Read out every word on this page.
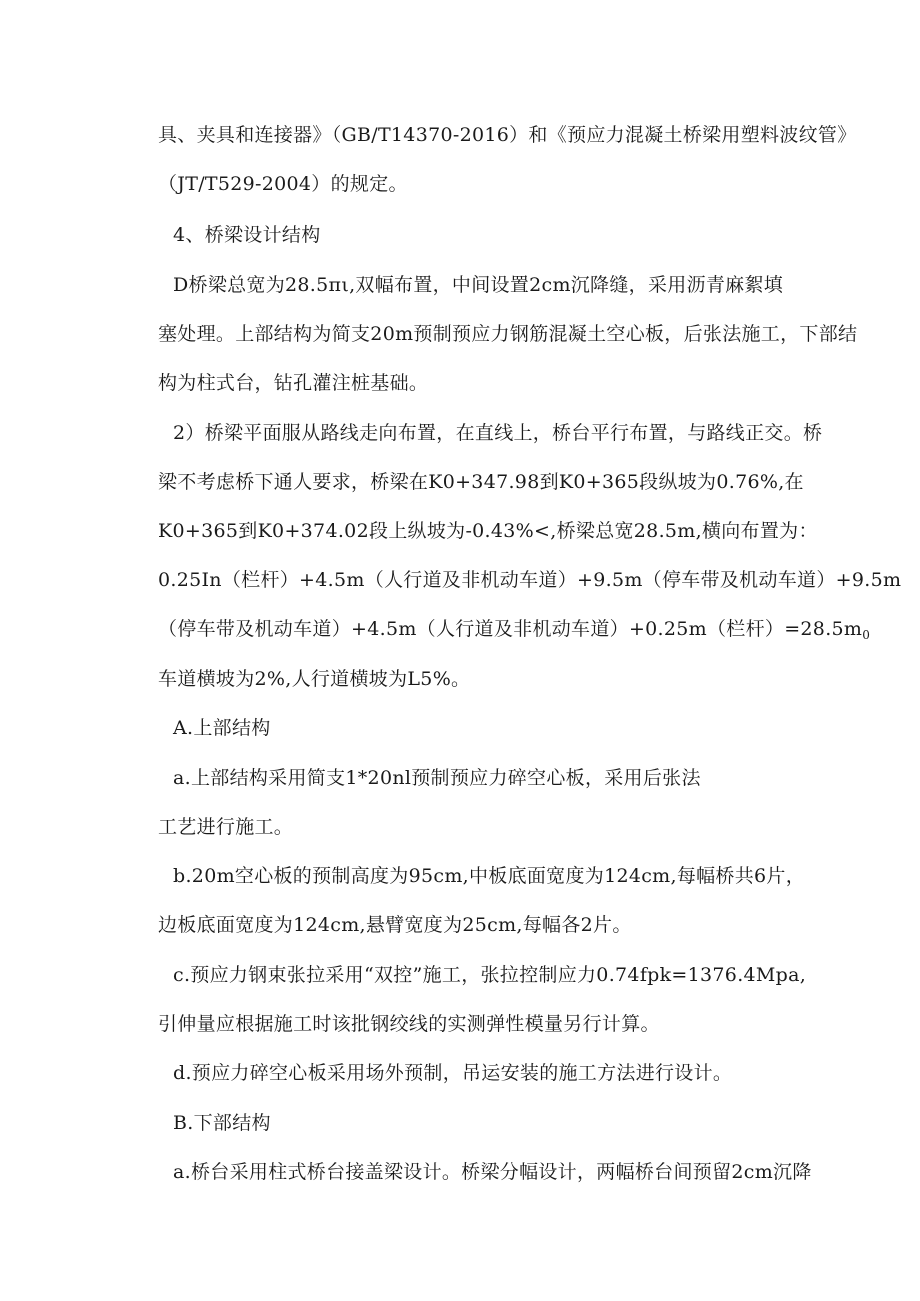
具、夹具和连接器》（GB/T14370-2016）和《预应力混凝土桥梁用塑料波纹管》
（JT/T529-2004）的规定。
4、桥梁设计结构
D桥梁总宽为28.5πι,双幅布置，中间设置2cm沉降缝，采用沥青麻絮填
塞处理。上部结构为简支20m预制预应力钢筋混凝土空心板，后张法施工，下部结
构为柱式台，钻孔灌注桩基础。
2）桥梁平面服从路线走向布置，在直线上，桥台平行布置，与路线正交。桥
梁不考虑桥下通人要求，桥梁在K0+347.98到K0+365段纵坡为0.76%,在
K0+365到K0+374.02段上纵坡为-0.43%<,桥梁总宽28.5m,横向布置为：
0.25In（栏杆）+4.5m（人行道及非机动车道）+9.5m（停车带及机动车道）+9.5m
（停车带及机动车道）+4.5m（人行道及非机动车道）+0.25m（栏杆）$=28.5m_0$
车道横坡为2%,人行道横坡为L5%。
A.上部结构
a.上部结构采用简支1*20nl预制预应力碎空心板，采用后张法
工艺进行施工。
b.20m空心板的预制高度为95cm,中板底面宽度为124cm,每幅桥共6片，
边板底面宽度为124cm,悬臂宽度为25cm,每幅各2片。
c.预应力钢束张拉采用“双控”施工，张拉控制应力0.74fpk=1376.4Mpa,
引伸量应根据施工时该批钢绞线的实测弹性模量另行计算。
d.预应力碎空心板采用场外预制，吊运安装的施工方法进行设计。
B.下部结构
a.桥台采用柱式桥台接盖梁设计。桥梁分幅设计，两幅桥台间预留2cm沉降
